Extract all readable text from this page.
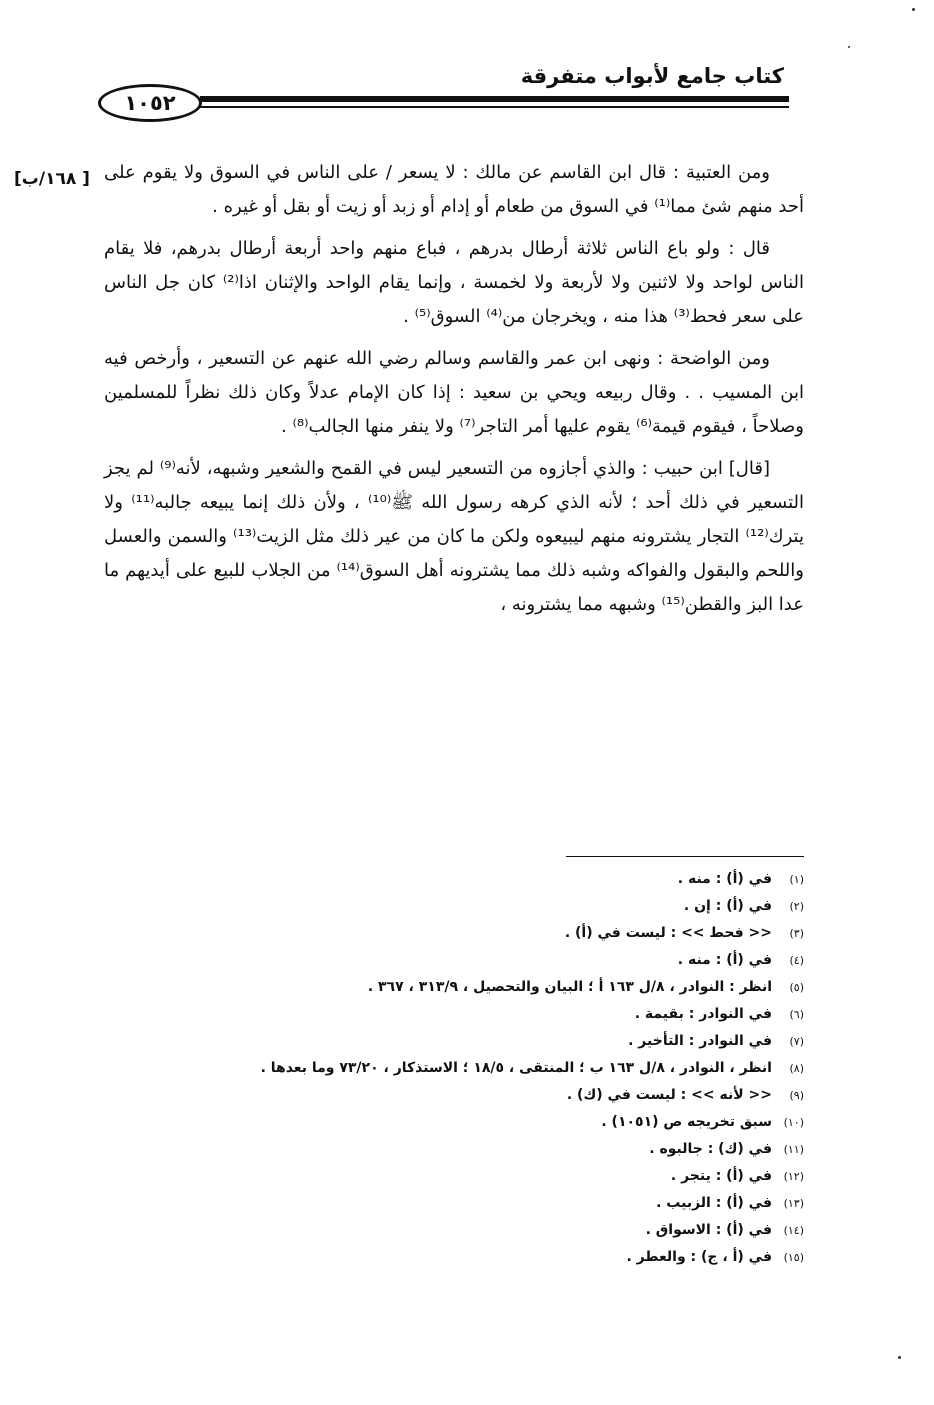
كتاب جامع لأبواب متفرقة
١٠٥٢
[ ١٦٨/ب] ومن العتبية : قال ابن القاسم عن مالك : لا يسعر / على الناس في السوق ولا يقوم على أحد منهم شئ مما⁽¹⁾ في السوق من طعام أو إدام أو زبد أو زيت أو بقل أو غيره .

قال : ولو باع الناس ثلاثة أرطال بدرهم ، فباع منهم واحد أربعة أرطال بدرهم، فلا يقام الناس لواحد ولا لاثنين ولا لأربعة ولا لخمسة ، وإنما يقام الواحد والإثنان اذا⁽²⁾ كان جل الناس على سعر فحط⁽³⁾ هذا منه ، ويخرجان من⁽⁴⁾ السوق⁽⁵⁾ .

ومن الواضحة : ونهى ابن عمر والقاسم وسالم رضي الله عنهم عن التسعير ، وأرخص فيه ابن المسيب . . وقال ربيعه ويحي بن سعيد : إذا كان الإمام عدلاً وكان ذلك نظراً للمسلمين وصلاحاً ، فيقوم قيمة⁽⁶⁾ يقوم عليها أمر التاجر⁽⁷⁾ ولا ينفر منها الجالب⁽⁸⁾ .

[قال] ابن حبيب : والذي أجازوه من التسعير ليس في القمح والشعير وشبهه، لأنه⁽⁹⁾ لم يجز التسعير في ذلك أحد ؛ لأنه الذي كرهه رسول الله ﷺ⁽¹⁰⁾ ، ولأن ذلك إنما يبيعه جالبه⁽¹¹⁾ ولا يترك⁽¹²⁾ التجار يشترونه منهم ليبيعوه ولكن ما كان من عير ذلك مثل الزيت⁽¹³⁾ والسمن والعسل واللحم والبقول والفواكه وشبه ذلك مما يشترونه أهل السوق⁽¹⁴⁾ من الجلاب للبيع على أيديهم ما عدا البز والقطن⁽¹⁵⁾ وشبهه مما يشترونه ،

(١)
في (أ) : منه .
(٢)
في (أ) : إن .
(٣)
<< فحط >> : ليست في (أ) .
(٤)
في (أ) : منه .
(٥)
انظر : النوادر ، ٨/ل ١٦٣ أ ؛ البيان والتحصيل ، ٣١٣/٩ ، ٣٦٧ .
(٦)
في النوادر : بقيمة .
(٧)
في النوادر : التأخير .
(٨)
انظر ، النوادر ، ٨/ل ١٦٣ ب ؛ المنتقى ، ١٨/٥ ؛ الاستذكار ، ٧٣/٢٠ وما بعدها .
(٩)
<< لأنه >> : ليست في (ك) .
(١٠)
سبق تخريجه ص (١٠٥١) .
(١١)
في (ك) : جالبوه .
(١٢)
في (أ) : يتجر .
(١٣)
في (أ) : الزبيب .
(١٤)
في (أ) : الاسواق .
(١٥)
في (أ ، ج) : والعطر .
